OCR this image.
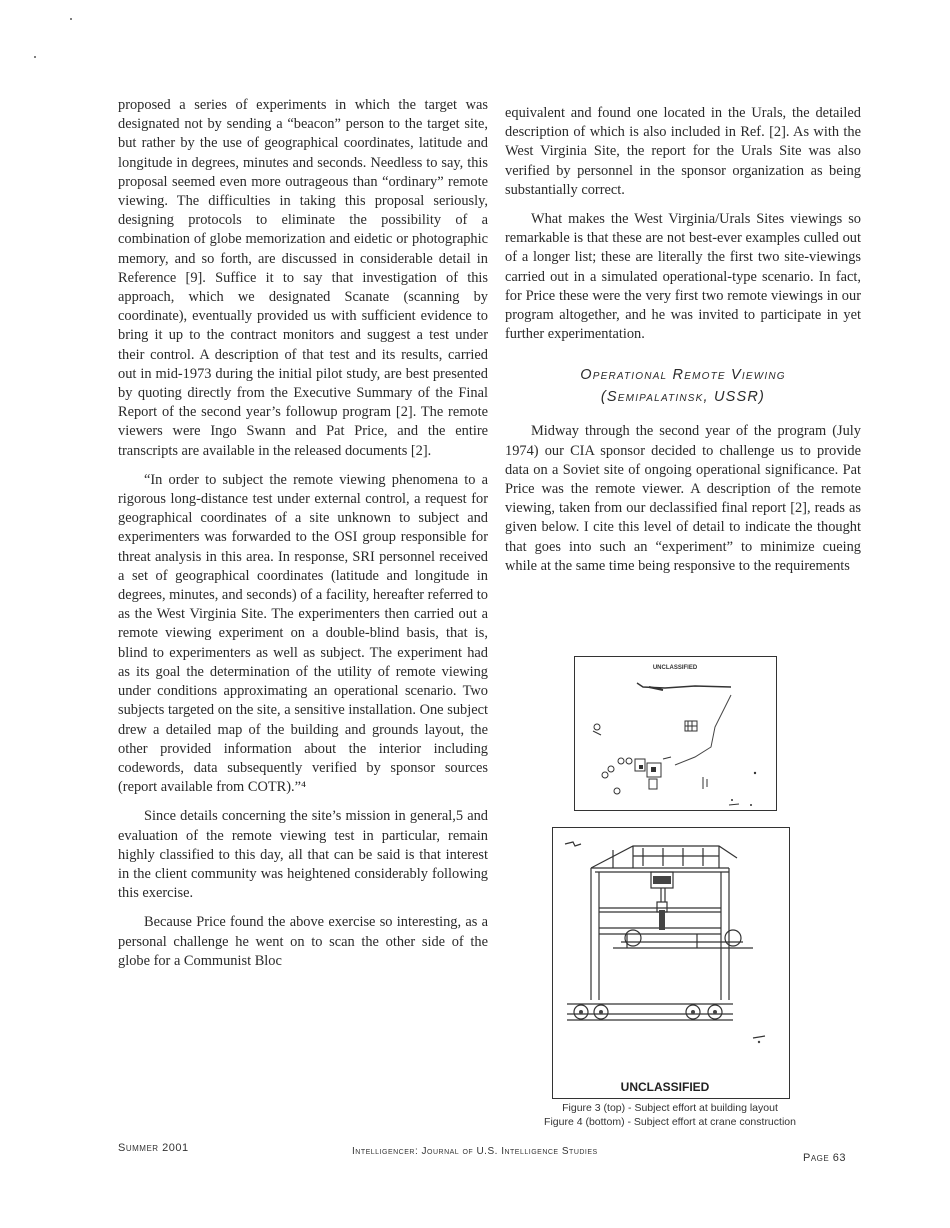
proposed a series of experiments in which the target was designated not by sending a “beacon” person to the target site, but rather by the use of geographical coordinates, latitude and longitude in degrees, minutes and seconds. Needless to say, this proposal seemed even more outrageous than “ordinary” remote viewing. The difficulties in taking this proposal seriously, designing protocols to eliminate the possibility of a combination of globe memorization and eidetic or photographic memory, and so forth, are discussed in considerable detail in Reference [9]. Suffice it to say that investigation of this approach, which we designated Scanate (scanning by coordinate), eventually provided us with sufficient evidence to bring it up to the contract monitors and suggest a test under their control. A description of that test and its results, carried out in mid-1973 during the initial pilot study, are best presented by quoting directly from the Executive Summary of the Final Report of the second year’s followup program [2]. The remote viewers were Ingo Swann and Pat Price, and the entire transcripts are available in the released documents [2].

“In order to subject the remote viewing phenomena to a rigorous long-distance test under external control, a request for geographical coordinates of a site unknown to subject and experimenters was forwarded to the OSI group responsible for threat analysis in this area. In response, SRI personnel received a set of geographical coordinates (latitude and longitude in degrees, minutes, and seconds) of a facility, hereafter referred to as the West Virginia Site. The experimenters then carried out a remote viewing experiment on a double-blind basis, that is, blind to experimenters as well as subject. The experiment had as its goal the determination of the utility of remote viewing under conditions approximating an operational scenario. Two subjects targeted on the site, a sensitive installation. One subject drew a detailed map of the building and grounds layout, the other provided information about the interior including codewords, data subsequently verified by sponsor sources (report available from COTR).”⁴

Since details concerning the site’s mission in general,5 and evaluation of the remote viewing test in particular, remain highly classified to this day, all that can be said is that interest in the client community was heightened considerably following this exercise.

Because Price found the above exercise so interesting, as a personal challenge he went on to scan the other side of the globe for a Communist Bloc

equivalent and found one located in the Urals, the detailed description of which is also included in Ref. [2]. As with the West Virginia Site, the report for the Urals Site was also verified by personnel in the sponsor organization as being substantially correct.

What makes the West Virginia/Urals Sites viewings so remarkable is that these are not best-ever examples culled out of a longer list; these are literally the first two site-viewings carried out in a simulated operational-type scenario. In fact, for Price these were the very first two remote viewings in our program altogether, and he was invited to participate in yet further experimentation.

Operational Remote Viewing
(Semipalatinsk, USSR)

Midway through the second year of the program (July 1974) our CIA sponsor decided to challenge us to provide data on a Soviet site of ongoing operational significance. Pat Price was the remote viewer. A description of the remote viewing, taken from our declassified final report [2], reads as given below. I cite this level of detail to indicate the thought that goes into such an “experiment” to minimize cueing while at the same time being responsive to the requirements

UNCLASSIFIED
UNCLASSIFIED
Figure 3 (top) - Subject effort at building layout
Figure 4 (bottom) - Subject effort at crane construction
Summer 2001	Intelligencer: Journal of U.S. Intelligence Studies
Page 63
